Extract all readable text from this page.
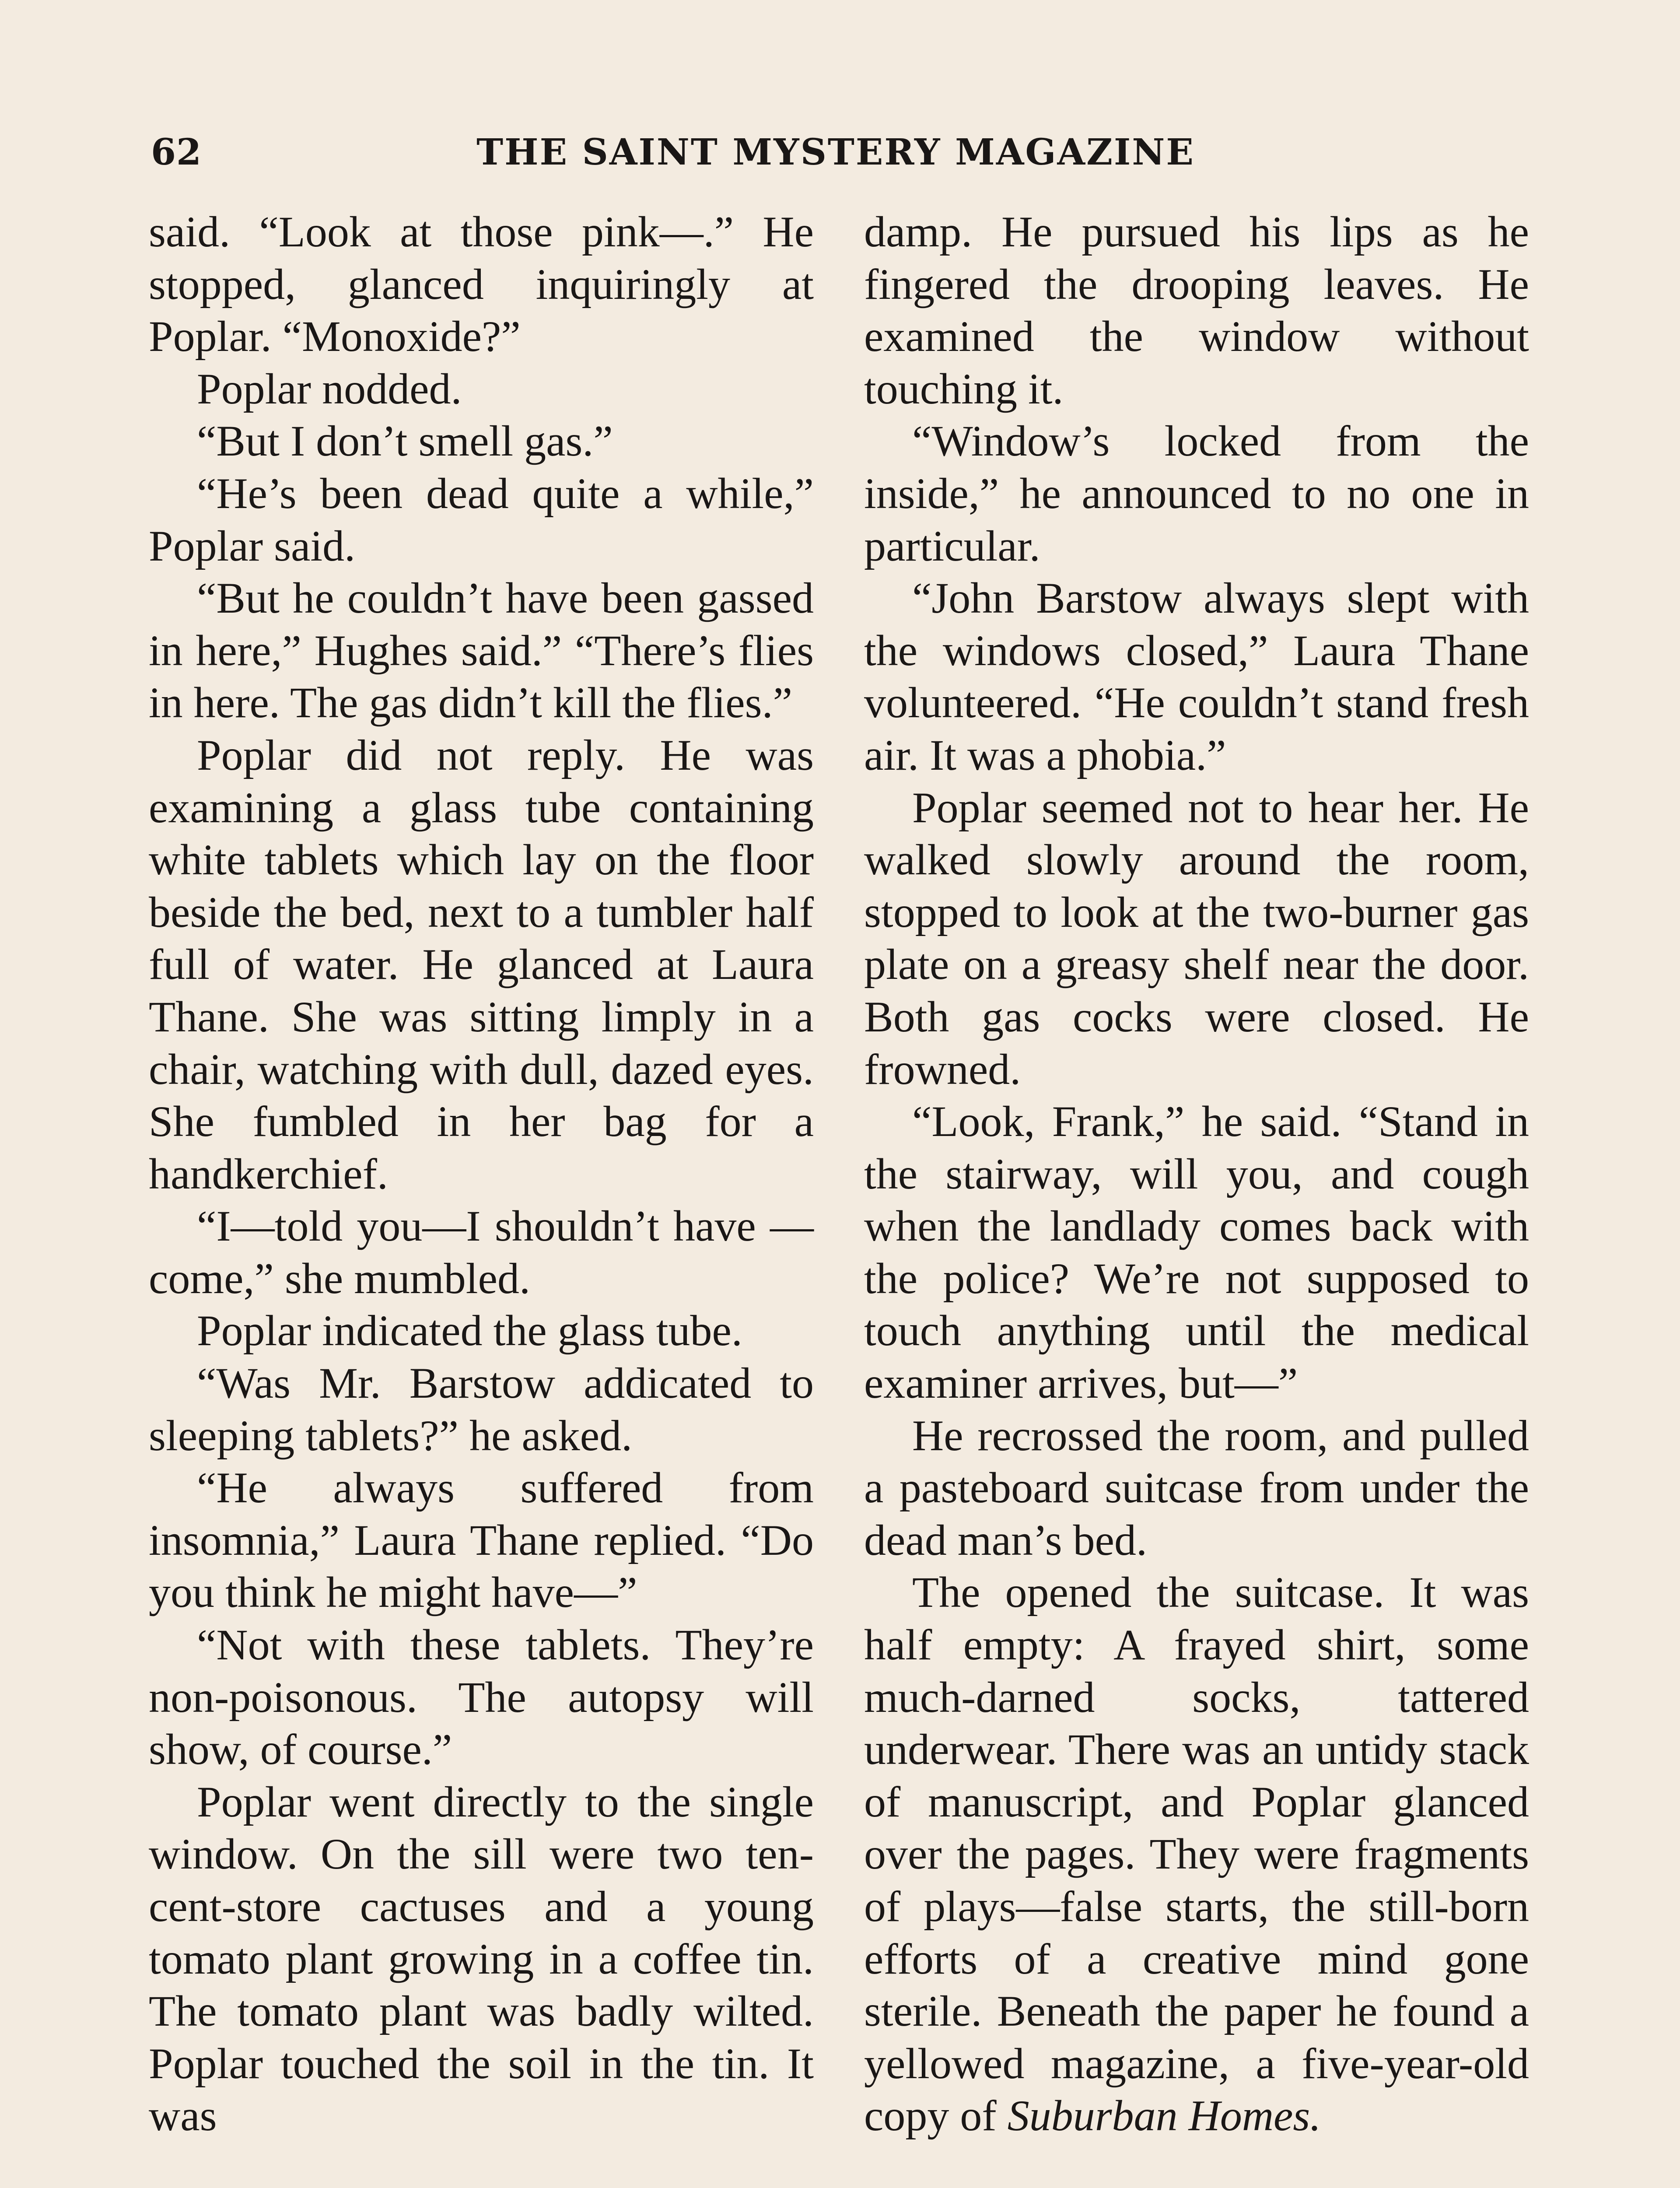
62	THE SAINT MYSTERY MAGAZINE

said. “Look at those pink—.” He stopped, glanced inquiringly at Poplar. “Monoxide?”

Poplar nodded.

“But I don’t smell gas.”

“He’s been dead quite a while,” Poplar said.

“But he couldn’t have been gassed in here,” Hughes said.” “There’s flies in here. The gas didn’t kill the flies.”

Poplar did not reply. He was examining a glass tube containing white tablets which lay on the floor beside the bed, next to a tumbler half full of water. He glanced at Laura Thane. She was sitting limply in a chair, watching with dull, dazed eyes. She fumbled in her bag for a handkerchief.

“I—told you—I shouldn’t have —come,” she mumbled.

Poplar indicated the glass tube.

“Was Mr. Barstow addicated to sleeping tablets?” he asked.

“He always suffered from insomnia,” Laura Thane replied. “Do you think he might have—”

“Not with these tablets. They’re non-poisonous. The autopsy will show, of course.”

Poplar went directly to the single window. On the sill were two ten-cent-store cactuses and a young tomato plant growing in a coffee tin. The tomato plant was badly wilted. Poplar touched the soil in the tin. It was

damp. He pursued his lips as he fingered the drooping leaves. He examined the window without touching it.

“Window’s locked from the inside,” he announced to no one in particular.

“John Barstow always slept with the windows closed,” Laura Thane volunteered. “He couldn’t stand fresh air. It was a phobia.”

Poplar seemed not to hear her. He walked slowly around the room, stopped to look at the two-burner gas plate on a greasy shelf near the door. Both gas cocks were closed. He frowned.

“Look, Frank,” he said. “Stand in the stairway, will you, and cough when the landlady comes back with the police? We’re not supposed to touch anything until the medical examiner arrives, but—”

He recrossed the room, and pulled a pasteboard suitcase from under the dead man’s bed.

The opened the suitcase. It was half empty: A frayed shirt, some much-darned socks, tattered underwear. There was an untidy stack of manuscript, and Poplar glanced over the pages. They were fragments of plays—false starts, the still-born efforts of a creative mind gone sterile. Beneath the paper he found a yellowed magazine, a five-year-old copy of Suburban Homes.
